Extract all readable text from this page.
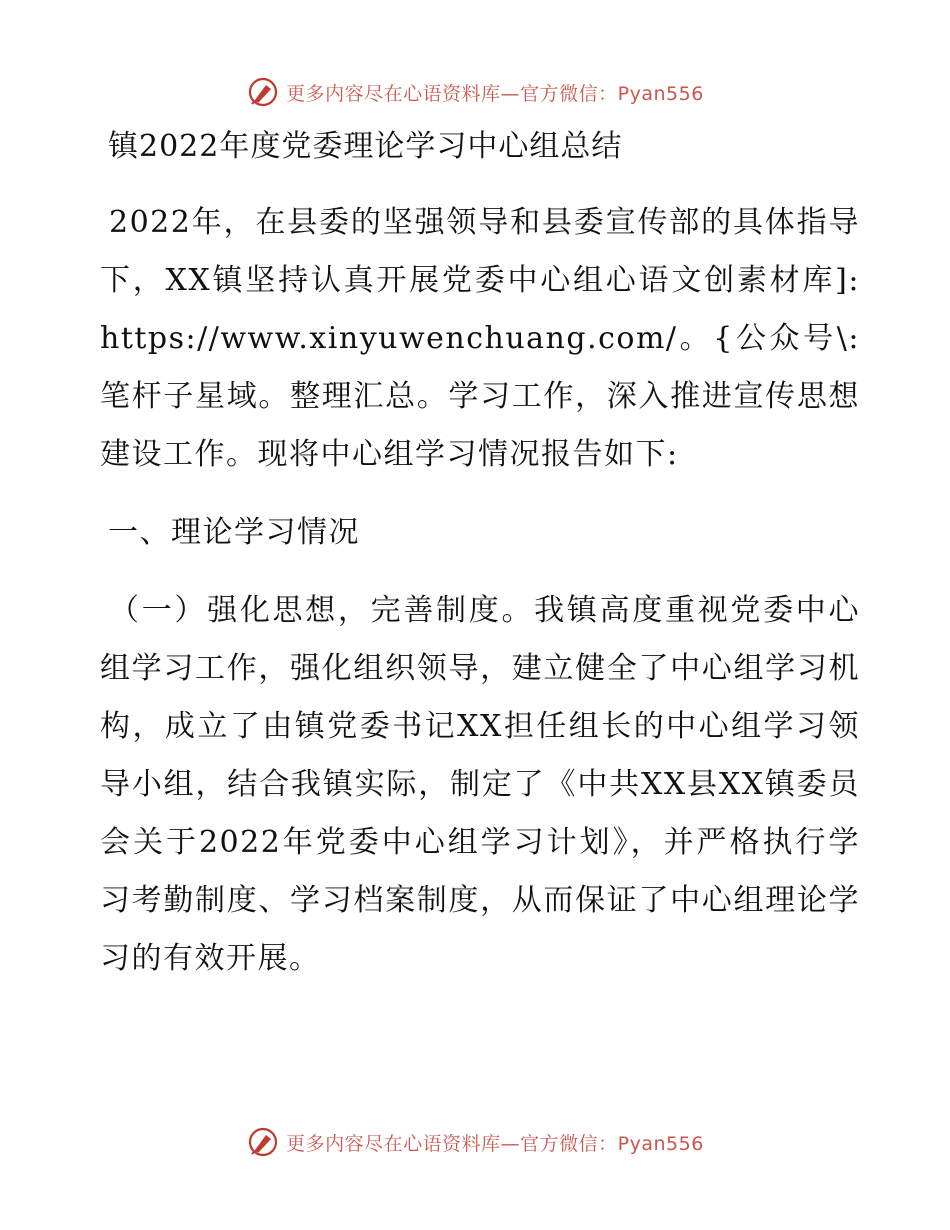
更多内容尽在心语资料库—官方微信：Pyan556
镇2022年度党委理论学习中心组总结

2022年，在县委的坚强领导和县委宣传部的具体指导下，XX镇坚持认真开展党委中心组心语文创素材库]: https://www.xinyuwenchuang.com/。{公众号\: 笔杆子星域。整理汇总。学习工作，深入推进宣传思想建设工作。现将中心组学习情况报告如下:

一、理论学习情况

（一）强化思想，完善制度。我镇高度重视党委中心组学习工作，强化组织领导，建立健全了中心组学习机构，成立了由镇党委书记XX担任组长的中心组学习领导小组，结合我镇实际，制定了《中共XX县XX镇委员会关于2022年党委中心组学习计划》，并严格执行学习考勤制度、学习档案制度，从而保证了中心组理论学习的有效开展。

更多内容尽在心语资料库—官方微信：Pyan556
